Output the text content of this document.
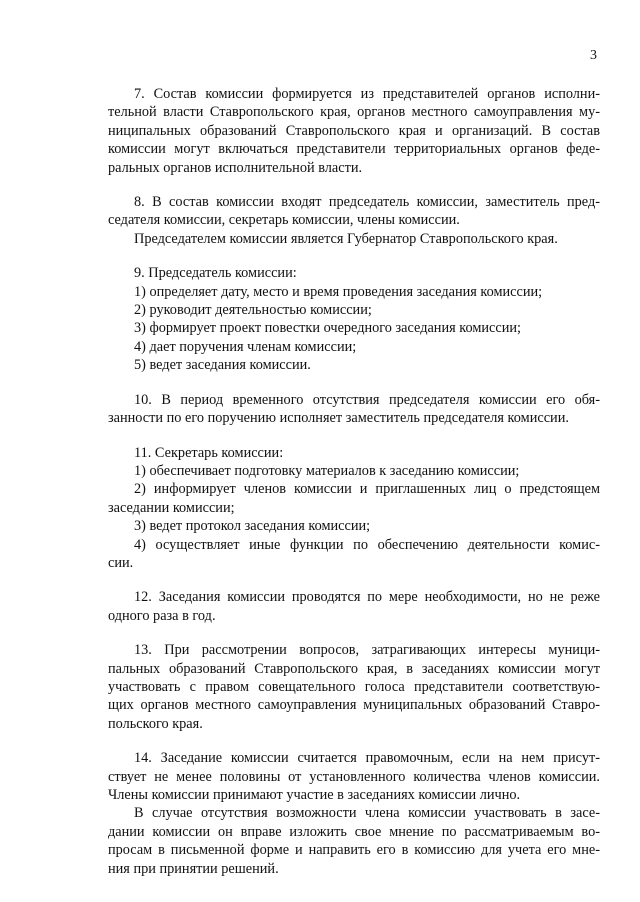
3
7. Состав комиссии формируется из представителей органов исполни-
тельной власти Ставропольского края, органов местного самоуправления му-
ниципальных образований Ставропольского края и организаций. В состав
комиссии могут включаться представители территориальных органов феде-
ральных органов исполнительной власти.
8. В состав комиссии входят председатель комиссии, заместитель пред-
седателя комиссии, секретарь комиссии, члены комиссии.
Председателем комиссии является Губернатор Ставропольского края.
9. Председатель комиссии:
1) определяет дату, место и время проведения заседания комиссии;
2) руководит деятельностью комиссии;
3) формирует проект повестки очередного заседания комиссии;
4) дает поручения членам комиссии;
5) ведет заседания комиссии.
10. В период временного отсутствия председателя комиссии его обя-
занности по его поручению исполняет заместитель председателя комиссии.
11. Секретарь комиссии:
1) обеспечивает подготовку материалов к заседанию комиссии;
2) информирует членов комиссии и приглашенных лиц о предстоящем
заседании комиссии;
3) ведет протокол заседания комиссии;
4) осуществляет иные функции по обеспечению деятельности комис-
сии.
12. Заседания комиссии проводятся по мере необходимости, но не реже
одного раза в год.
13. При рассмотрении вопросов, затрагивающих интересы муници-
пальных образований Ставропольского края, в заседаниях комиссии могут
участвовать с правом совещательного голоса представители соответствую-
щих органов местного самоуправления муниципальных образований Ставро-
польского края.
14. Заседание комиссии считается правомочным, если на нем присут-
ствует не менее половины от установленного количества членов комиссии.
Члены комиссии принимают участие в заседаниях комиссии лично.
В случае отсутствия возможности члена комиссии участвовать в засе-
дании комиссии он вправе изложить свое мнение по рассматриваемым во-
просам в письменной форме и направить его в комиссию для учета его мне-
ния при принятии решений.
